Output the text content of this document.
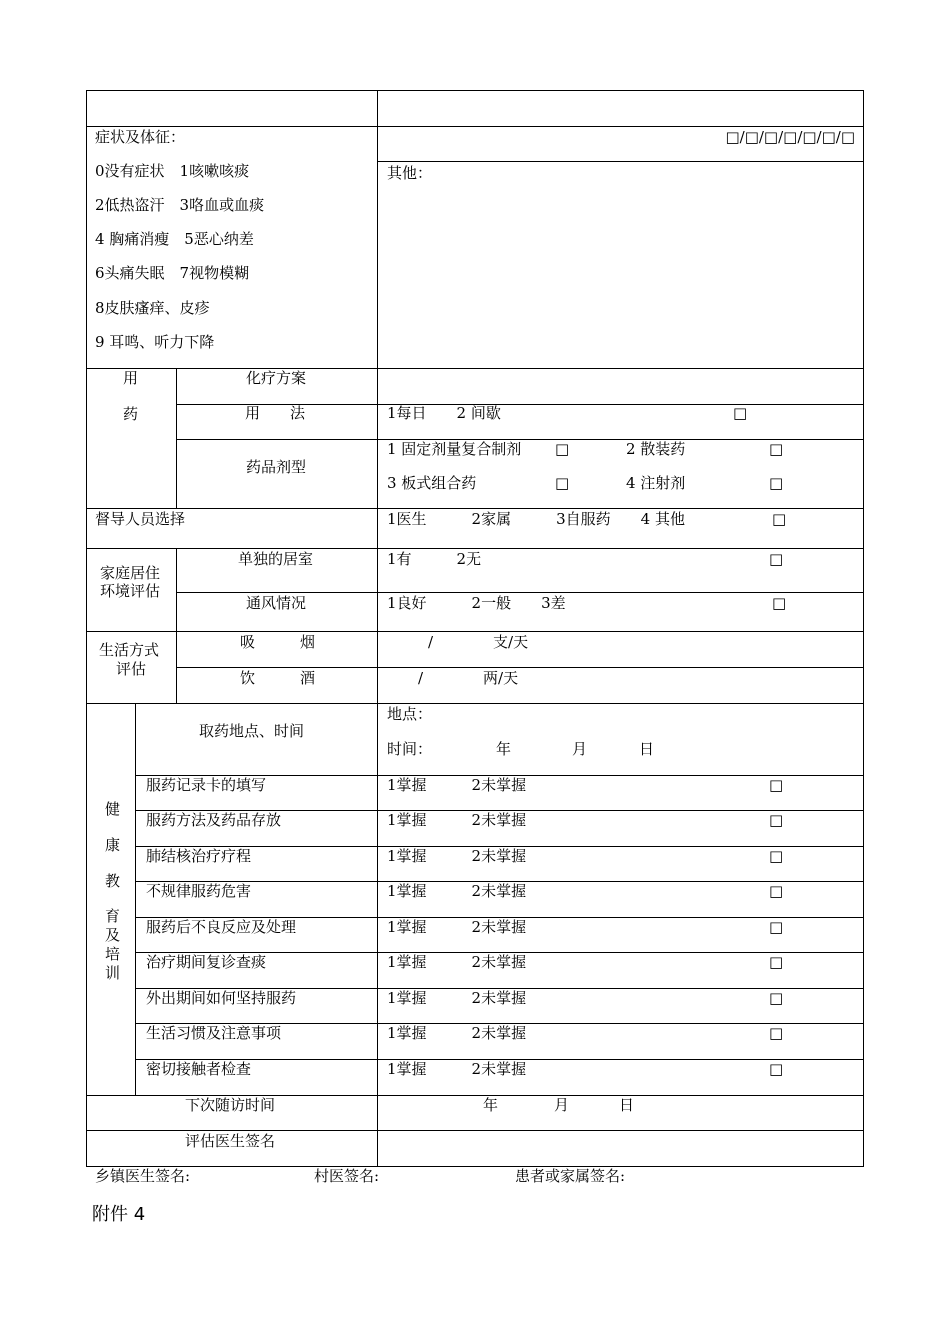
症状及体征：	□/□/□/□/□/□/□
0没有症状　1咳嗽咳痰
2低热盗汗　3咯血或血痰
4 胸痛消瘦　5恶心纳差
6头痛失眠　7视物模糊
8皮肤瘙痒、皮疹
9 耳鸣、听力下降
其他：
用
药
化疗方案
用　　法	1每日　　2 间歇	□
药品剂型
1 固定剂量复合制剂 □	2 散装药	□
3 板式组合药	□	4 注射剂	□
督导人员选择	1医生　　　2家属　　　3自服药　　4 其他	□
家庭居住
环境评估
单独的居室	1有　　　2无	□
通风情况	1良好　　　2一般　　3差	□
生活方式
评估
吸　　　烟	/　　　　支/天
饮　　　酒	/　　　　两/天
健
康
教
育
及
培
训
取药地点、时间
地点：
时间：	年	月	日
服药记录卡的填写	1掌握　　　2未掌握	□
服药方法及药品存放	1掌握　　　2未掌握	□
肺结核治疗疗程	1掌握　　　2未掌握	□
不规律服药危害	1掌握　　　2未掌握	□
服药后不良反应及处理	1掌握　　　2未掌握	□
治疗期间复诊查痰	1掌握　　　2未掌握	□
外出期间如何坚持服药	1掌握　　　2未掌握	□
生活习惯及注意事项	1掌握　　　2未掌握	□
密切接触者检查	1掌握　　　2未掌握	□
下次随访时间	年	月	日
评估医生签名
乡镇医生签名:	村医签名:	患者或家属签名:
附件 4
